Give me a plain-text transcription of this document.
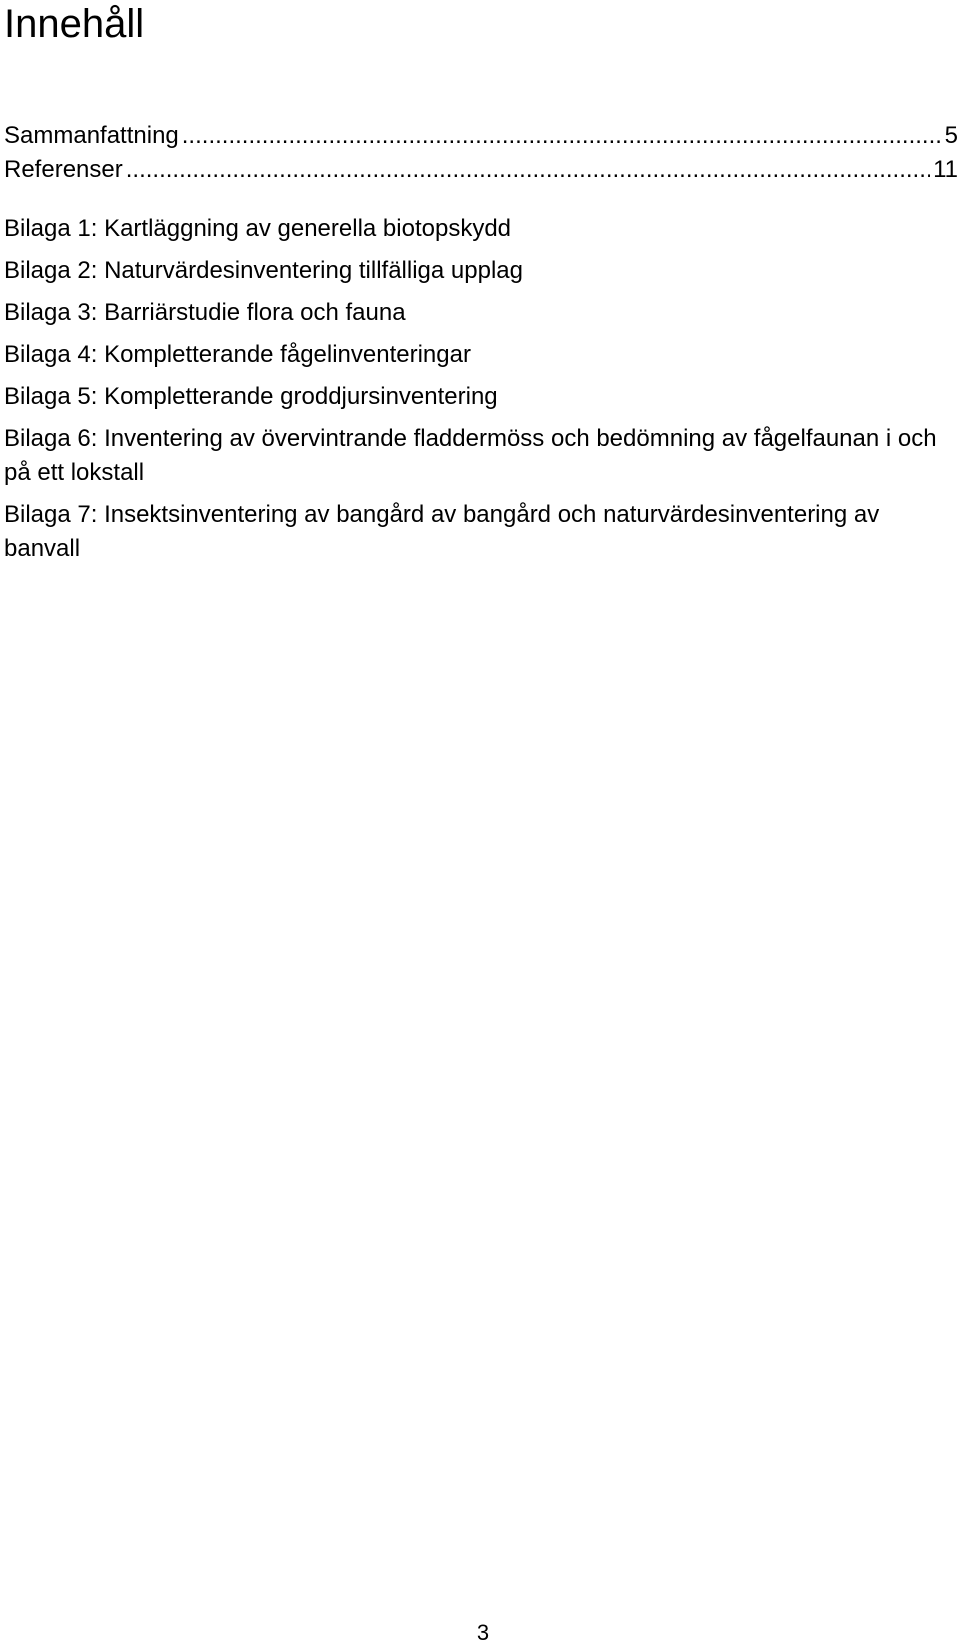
Innehåll
Sammanfattning .....	5
Referenser .....	11
Bilaga 1: Kartläggning av generella biotopskydd
Bilaga 2: Naturvärdesinventering tillfälliga upplag
Bilaga 3: Barriärstudie flora och fauna
Bilaga 4: Kompletterande fågelinventeringar
Bilaga 5: Kompletterande groddjursinventering
Bilaga 6: Inventering av övervintrande fladdermöss och bedömning av fågelfaunan i och på ett lokstall
Bilaga 7: Insektsinventering av bangård av bangård och naturvärdesinventering av banvall
3
